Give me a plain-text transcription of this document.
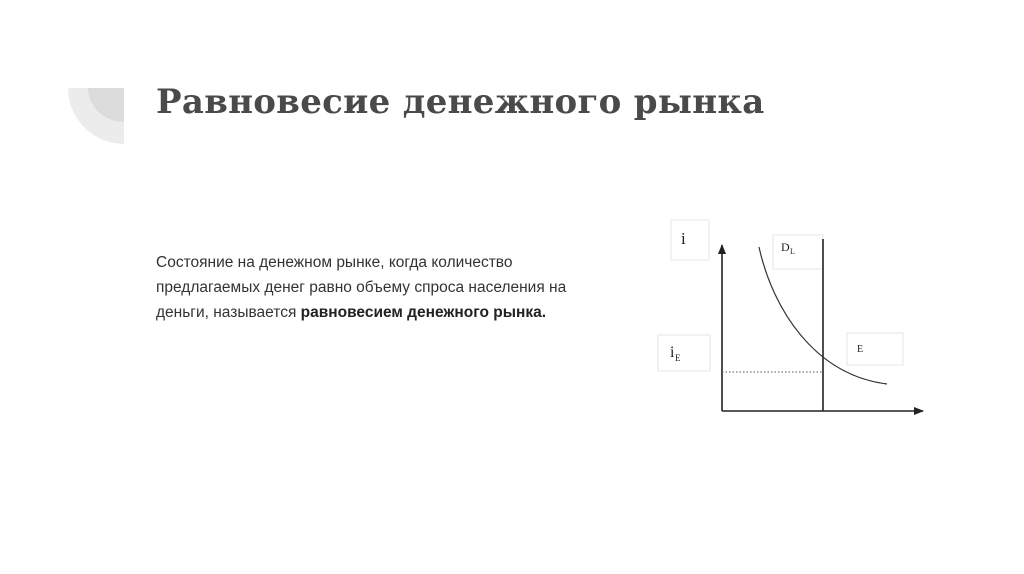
Равновесие денежного рынка

Состояние на денежном рынке, когда количество предлагаемых денег равно объему спроса населения на деньги, называется равновесием денежного рынка.

i	D L
i E
E
